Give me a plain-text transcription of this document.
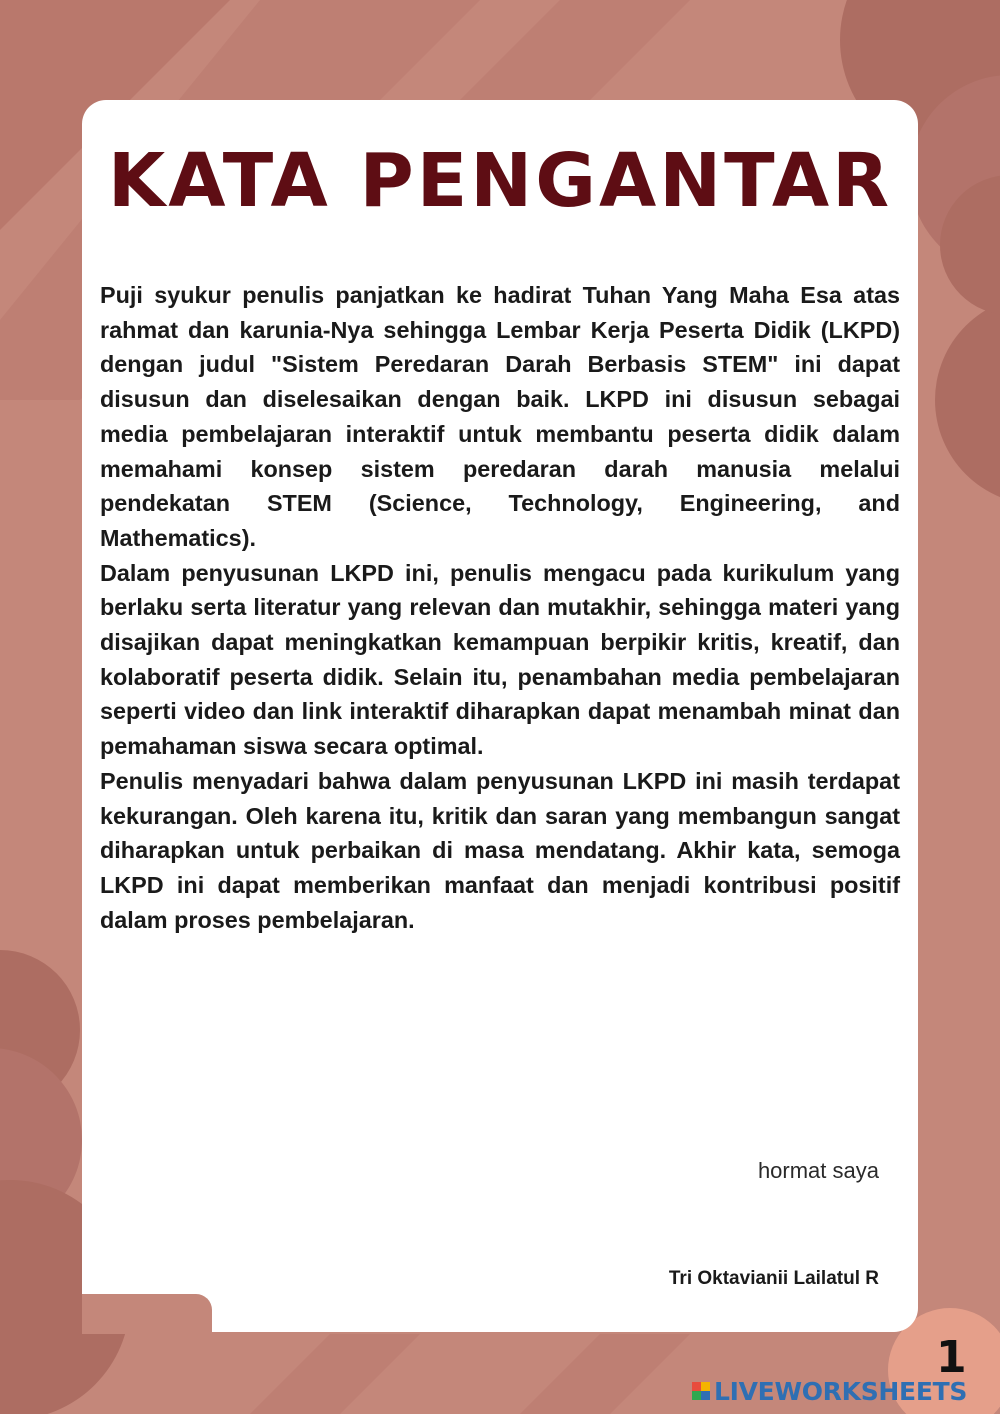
KATA PENGANTAR

Puji syukur penulis panjatkan ke hadirat Tuhan Yang Maha Esa atas rahmat dan karunia-Nya sehingga Lembar Kerja Peserta Didik (LKPD) dengan judul "Sistem Peredaran Darah Berbasis STEM" ini dapat disusun dan diselesaikan dengan baik. LKPD ini disusun sebagai media pembelajaran interaktif untuk membantu peserta didik dalam memahami konsep sistem peredaran darah manusia melalui pendekatan STEM (Science, Technology, Engineering, and Mathematics).

Dalam penyusunan LKPD ini, penulis mengacu pada kurikulum yang berlaku serta literatur yang relevan dan mutakhir, sehingga materi yang disajikan dapat meningkatkan kemampuan berpikir kritis, kreatif, dan kolaboratif peserta didik. Selain itu, penambahan media pembelajaran seperti video dan link interaktif diharapkan dapat menambah minat dan pemahaman siswa secara optimal.

Penulis menyadari bahwa dalam penyusunan LKPD ini masih terdapat kekurangan. Oleh karena itu, kritik dan saran yang membangun sangat diharapkan untuk perbaikan di masa mendatang. Akhir kata, semoga LKPD ini dapat memberikan manfaat dan menjadi kontribusi positif dalam proses pembelajaran.

hormat saya
Tri Oktavianii Lailatul R
1
LIVEWORKSHEETS
